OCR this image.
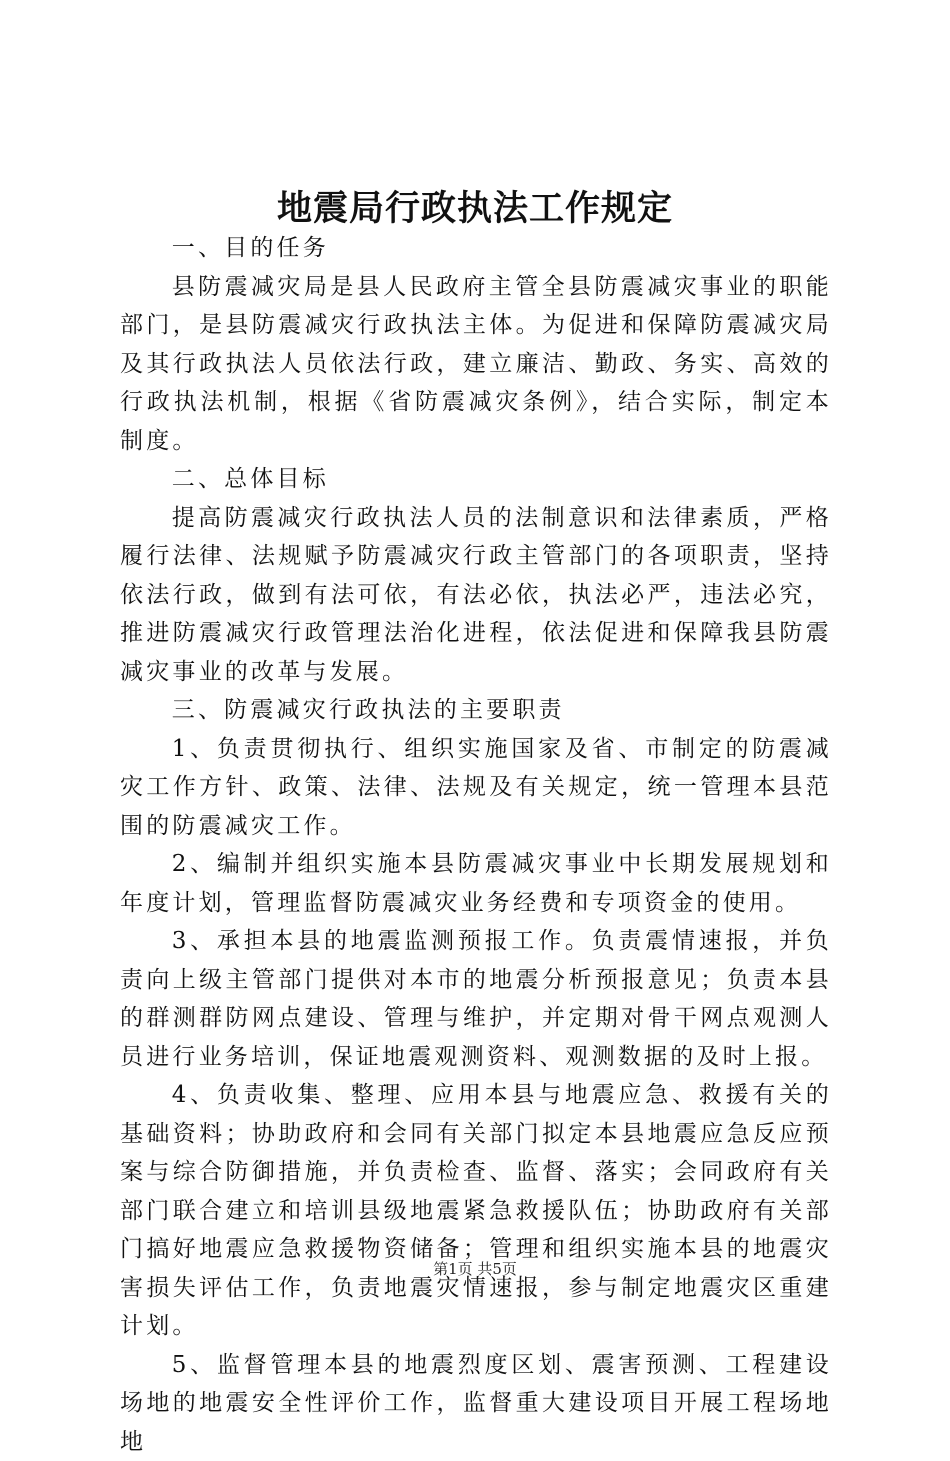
地震局行政执法工作规定

一、目的任务

县防震减灾局是县人民政府主管全县防震减灾事业的职能部门，是县防震减灾行政执法主体。为促进和保障防震减灾局及其行政执法人员依法行政，建立廉洁、勤政、务实、高效的行政执法机制，根据《省防震减灾条例》，结合实际，制定本制度。

二、总体目标

提高防震减灾行政执法人员的法制意识和法律素质，严格履行法律、法规赋予防震减灾行政主管部门的各项职责，坚持依法行政，做到有法可依，有法必依，执法必严，违法必究，推进防震减灾行政管理法治化进程，依法促进和保障我县防震减灾事业的改革与发展。

三、防震减灾行政执法的主要职责

1、负责贯彻执行、组织实施国家及省、市制定的防震减灾工作方针、政策、法律、法规及有关规定，统一管理本县范围的防震减灾工作。

2、编制并组织实施本县防震减灾事业中长期发展规划和年度计划，管理监督防震减灾业务经费和专项资金的使用。

3、承担本县的地震监测预报工作。负责震情速报，并负责向上级主管部门提供对本市的地震分析预报意见；负责本县的群测群防网点建设、管理与维护，并定期对骨干网点观测人员进行业务培训，保证地震观测资料、观测数据的及时上报。

4、负责收集、整理、应用本县与地震应急、救援有关的基础资料；协助政府和会同有关部门拟定本县地震应急反应预案与综合防御措施，并负责检查、监督、落实；会同政府有关部门联合建立和培训县级地震紧急救援队伍；协助政府有关部门搞好地震应急救援物资储备；管理和组织实施本县的地震灾害损失评估工作，负责地震灾情速报，参与制定地震灾区重建计划。

5、监督管理本县的地震烈度区划、震害预测、工程建设场地的地震安全性评价工作，监督重大建设项目开展工程场地地

第1页 共5页
